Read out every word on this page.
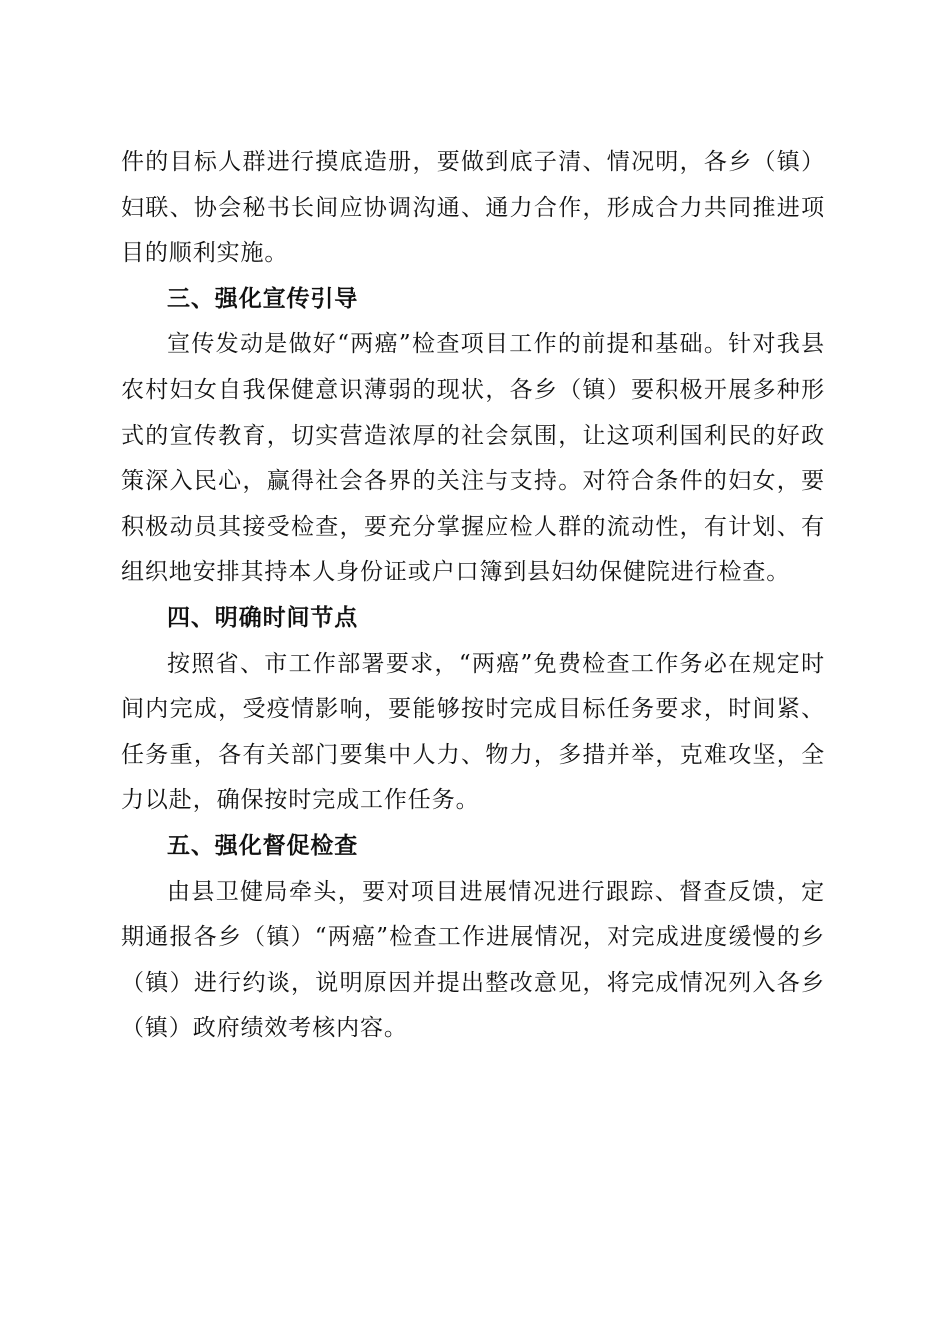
件的目标人群进行摸底造册，要做到底子清、情况明，各乡（镇）妇联、协会秘书长间应协调沟通、通力合作，形成合力共同推进项目的顺利实施。

三、强化宣传引导

宣传发动是做好“两癌”检查项目工作的前提和基础。针对我县农村妇女自我保健意识薄弱的现状，各乡（镇）要积极开展多种形式的宣传教育，切实营造浓厚的社会氛围，让这项利国利民的好政策深入民心，赢得社会各界的关注与支持。对符合条件的妇女，要积极动员其接受检查，要充分掌握应检人群的流动性，有计划、有组织地安排其持本人身份证或户口簿到县妇幼保健院进行检查。

四、明确时间节点

按照省、市工作部署要求，“两癌”免费检查工作务必在规定时间内完成，受疫情影响，要能够按时完成目标任务要求，时间紧、任务重，各有关部门要集中人力、物力，多措并举，克难攻坚，全力以赴，确保按时完成工作任务。

五、强化督促检查

由县卫健局牵头，要对项目进展情况进行跟踪、督查反馈，定期通报各乡（镇）“两癌”检查工作进展情况，对完成进度缓慢的乡（镇）进行约谈，说明原因并提出整改意见，将完成情况列入各乡（镇）政府绩效考核内容。
